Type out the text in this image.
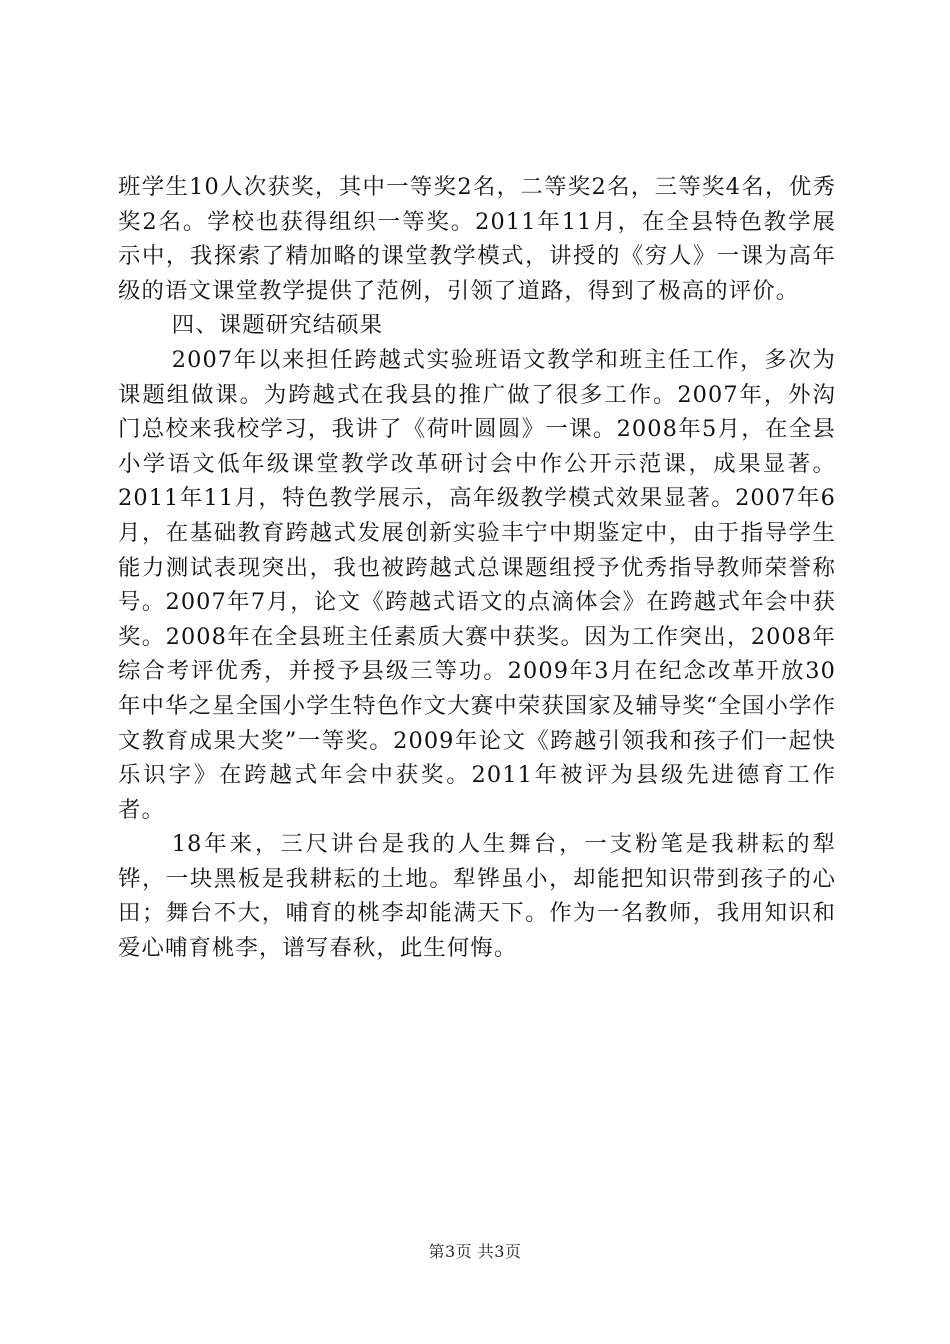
班学生10人次获奖，其中一等奖2名，二等奖2名，三等奖4名，优秀奖2名。学校也获得组织一等奖。2011年11月，在全县特色教学展示中，我探索了精加略的课堂教学模式，讲授的《穷人》一课为高年级的语文课堂教学提供了范例，引领了道路，得到了极高的评价。

四、课题研究结硕果

2007年以来担任跨越式实验班语文教学和班主任工作，多次为课题组做课。为跨越式在我县的推广做了很多工作。2007年，外沟门总校来我校学习，我讲了《荷叶圆圆》一课。2008年5月，在全县小学语文低年级课堂教学改革研讨会中作公开示范课，成果显著。2011年11月，特色教学展示，高年级教学模式效果显著。2007年6月，在基础教育跨越式发展创新实验丰宁中期鉴定中，由于指导学生能力测试表现突出，我也被跨越式总课题组授予优秀指导教师荣誉称号。2007年7月，论文《跨越式语文的点滴体会》在跨越式年会中获奖。2008年在全县班主任素质大赛中获奖。因为工作突出，2008年综合考评优秀，并授予县级三等功。2009年3月在纪念改革开放30年中华之星全国小学生特色作文大赛中荣获国家及辅导奖“全国小学作文教育成果大奖”一等奖。2009年论文《跨越引领我和孩子们一起快乐识字》在跨越式年会中获奖。2011年被评为县级先进德育工作者。

18年来，三尺讲台是我的人生舞台，一支粉笔是我耕耘的犁铧，一块黑板是我耕耘的土地。犁铧虽小，却能把知识带到孩子的心田；舞台不大，哺育的桃李却能满天下。作为一名教师，我用知识和爱心哺育桃李，谱写春秋，此生何悔。

第3页 共3页
